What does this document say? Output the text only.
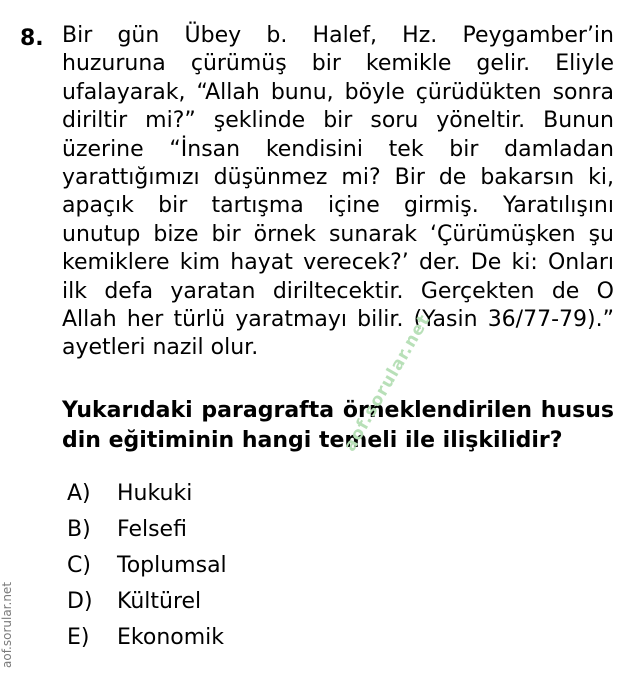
8. Bir gün Übey b. Halef, Hz. Peygamber’in
huzuruna çürümüş bir kemikle gelir. Eliyle
ufalayarak, “Allah bunu, böyle çürüdükten sonra
diriltir mi?” şeklinde bir soru yöneltir. Bunun
üzerine “İnsan kendisini tek bir damladan
yarattığımızı düşünmez mi? Bir de bakarsın ki,
apaçık bir tartışma içine girmiş. Yaratılışını
unutup bize bir örnek sunarak ‘Çürümüşken şu
kemiklere kim hayat verecek?’ der. De ki: Onları
ilk defa yaratan diriltecektir. Gerçekten de O
Allah her türlü yaratmayı bilir. (Yasin 36/77-79).”
ayetleri nazil olur.
Yukarıdaki paragrafta örneklendirilen husus
din eğitiminin hangi temeli ile ilişkilidir?
A)	Hukuki
B)	Felsefi
C)	Toplumsal
D)	Kültürel
E)	Ekonomik
aof.sorular.net
aof.sorular.net
